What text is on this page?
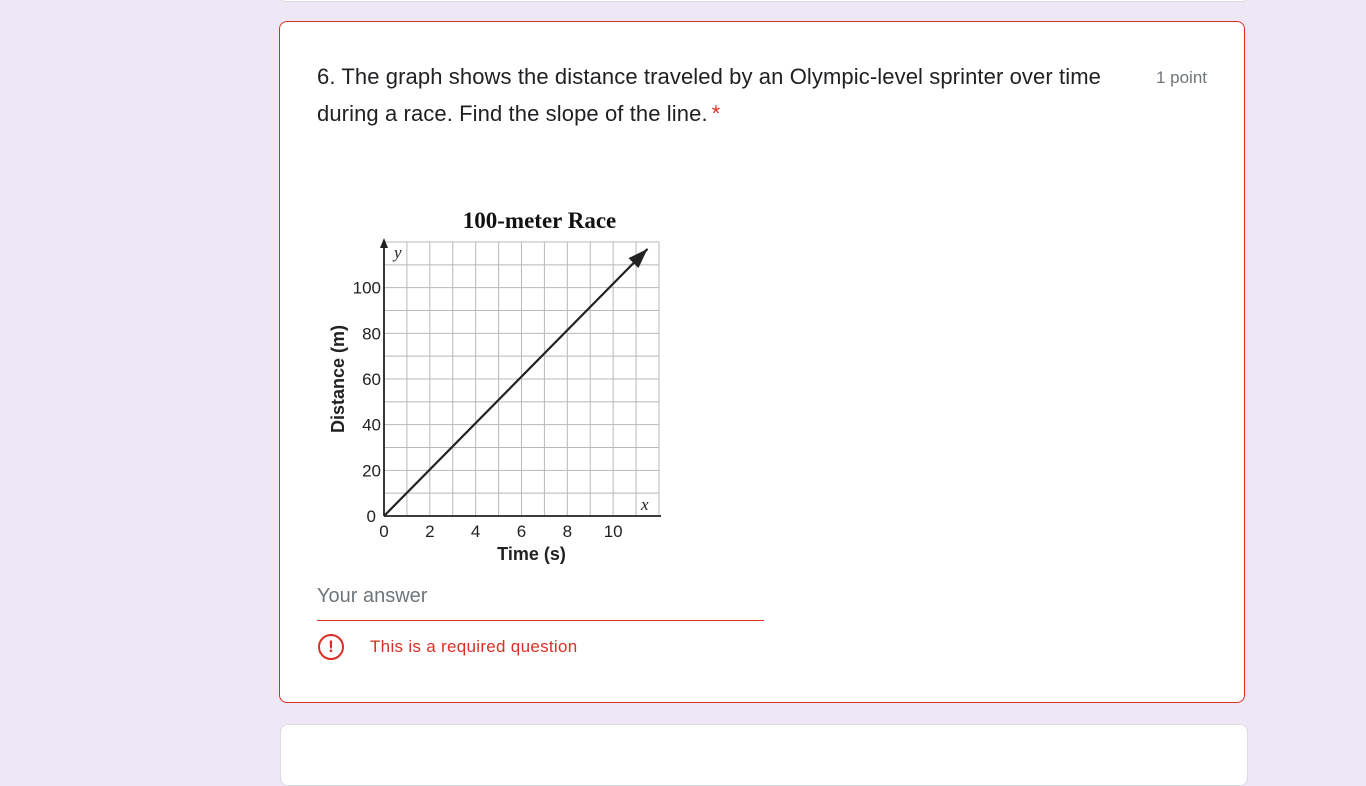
6. The graph shows the distance traveled by an Olympic-level sprinter over time during a race. Find the slope of the line. *
1 point
0 2 4 6 8 10
0
20
40
60
80
100
y
x
100-meter Race
Time (s)
Distance (m)
Your answer
!	This is a required question
